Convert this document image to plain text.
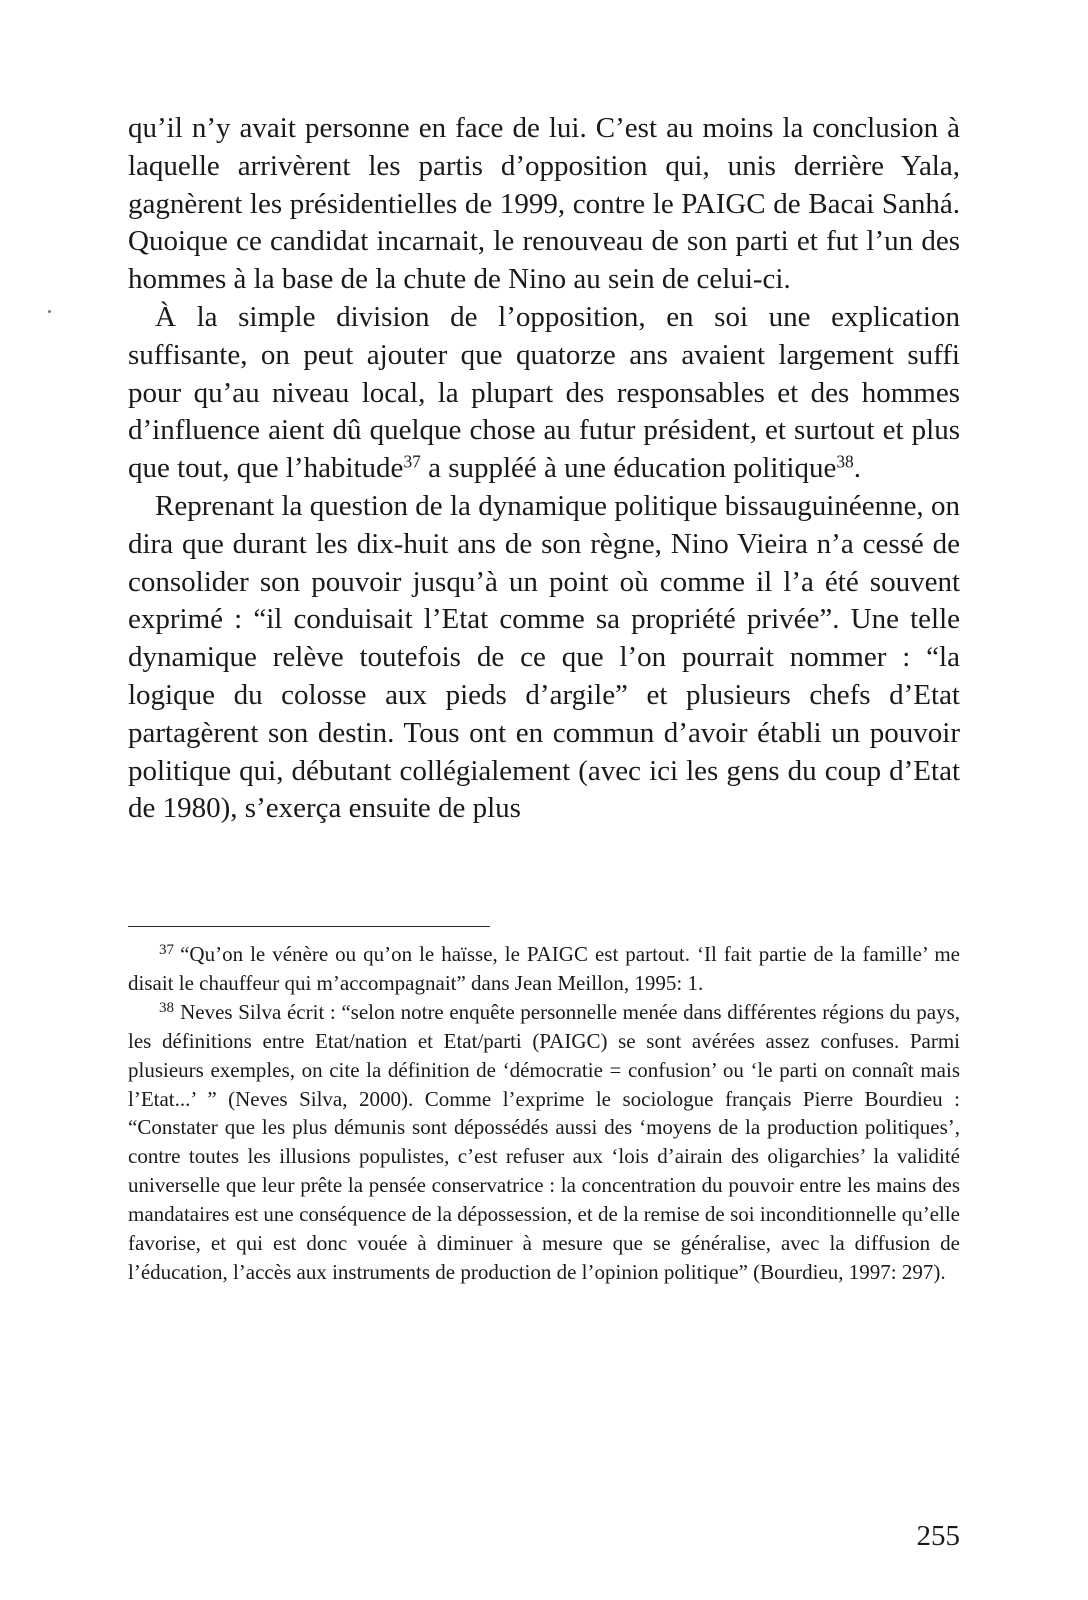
qu’il n’y avait personne en face de lui. C’est au moins la conclusion à laquelle arrivèrent les partis d’opposition qui, unis derrière Yala, gagnèrent les présidentielles de 1999, contre le PAIGC de Bacai Sanhá. Quoique ce candidat incarnait, le renouveau de son parti et fut l’un des hommes à la base de la chute de Nino au sein de celui-ci.

À la simple division de l’opposition, en soi une explication suffisante, on peut ajouter que quatorze ans avaient largement suffi pour qu’au niveau local, la plupart des responsables et des hommes d’influence aient dû quelque chose au futur président, et surtout et plus que tout, que l’habitude$^{37}$ a suppléé à une éducation politique$^{38}$.

Reprenant la question de la dynamique politique bissauguinéenne, on dira que durant les dix-huit ans de son règne, Nino Vieira n’a cessé de consolider son pouvoir jusqu’à un point où comme il l’a été souvent exprimé : “il conduisait l’Etat comme sa propriété privée”. Une telle dynamique relève toutefois de ce que l’on pourrait nommer : “la logique du colosse aux pieds d’argile” et plusieurs chefs d’Etat partagèrent son destin. Tous ont en commun d’avoir établi un pouvoir politique qui, débutant collégialement (avec ici les gens du coup d’Etat de 1980), s’exerça ensuite de plus

$^{37}$ “Qu’on le vénère ou qu’on le haïsse, le PAIGC est partout. ‘Il fait partie de la famille’ me disait le chauffeur qui m’accompagnait” dans Jean Meillon, 1995: 1.

$^{38}$ Neves Silva écrit : “selon notre enquête personnelle menée dans différentes régions du pays, les définitions entre Etat/nation et Etat/parti (PAIGC) se sont avérées assez confuses. Parmi plusieurs exemples, on cite la définition de ‘démocratie = confusion’ ou ‘le parti on connaît mais l’Etat...’ ” (Neves Silva, 2000). Comme l’exprime le sociologue français Pierre Bourdieu : “Constater que les plus démunis sont dépossédés aussi des ‘moyens de la production politiques’, contre toutes les illusions populistes, c’est refuser aux ‘lois d’airain des oligarchies’ la validité universelle que leur prête la pensée conservatrice : la concentration du pouvoir entre les mains des mandataires est une conséquence de la dépossession, et de la remise de soi inconditionnelle qu’elle favorise, et qui est donc vouée à diminuer à mesure que se généralise, avec la diffusion de l’éducation, l’accès aux instruments de production de l’opinion politique” (Bourdieu, 1997: 297).

255
